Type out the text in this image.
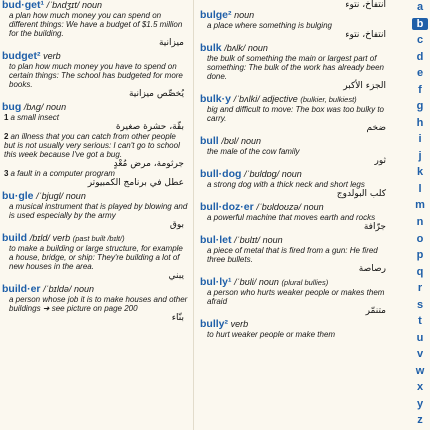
bud·get¹ /ˈbʌdʒɪt/ noun
a plan how much money you can spend on different things: We have a budget of $1.5 million for the building.
ميزانية
budget² verb
to plan how much money you have to spend on certain things: The school has budgeted for more books.
يُخصِّص ميزانية
bug /bʌɡ/ noun
1 a small insect
بقّة، حشرة صغيرة
2 an illness that you can catch from other people but is not usually very serious: I can't go to school this week because I've got a bug.
جرثومة، مرض مُعْدٍ
3 a fault in a computer program
عطل في برنامج الكمبيوتر
bu·gle /ˈbjuɡl/ noun
a musical instrument that is played by blowing and is used especially by the army
بوق
build /bɪld/ verb (past built /bɪlt/)
to make a building or large structure, for example a house, bridge, or ship: They're building a lot of new houses in the area.
يبني
build·er /ˈbɪldə/ noun
a person whose job it is to make houses and other buildings ➜ see picture on page 200
بنّاء
انتفاخ، نتوء
bulge² noun
a place where something is bulging
انتفاخ، نتوء
bulk /bʌlk/ noun
the bulk of something the main or largest part of something: The bulk of the work has already been done.
الجزء الأكبر
bulk·y /ˈbʌlki/ adjective (bulkier, bulkiest)
big and difficult to move: The box was too bulky to carry.
ضخم
bull /bʊl/ noun
the male of the cow family
ثور
bull·dog /ˈbʊldɒɡ/ noun
a strong dog with a thick neck and short legs
كلب البولدوج
bull·doz·er /ˈbʊldoʊzə/ noun
a powerful machine that moves earth and rocks
جرّافة
bul·let /ˈbʊlɪt/ noun
a piece of metal that is fired from a gun: He fired three bullets.
رصاصة
bul·ly¹ /ˈbʊli/ noun (plural bullies)
a person who hurts weaker people or makes them afraid
متنمّر
bully² verb
to hurt weaker people or make them
a
b
c
d
e
f
g
h
i
j
k
l
m
n
o
p
q
r
s
t
u
v
w
x
y
z
